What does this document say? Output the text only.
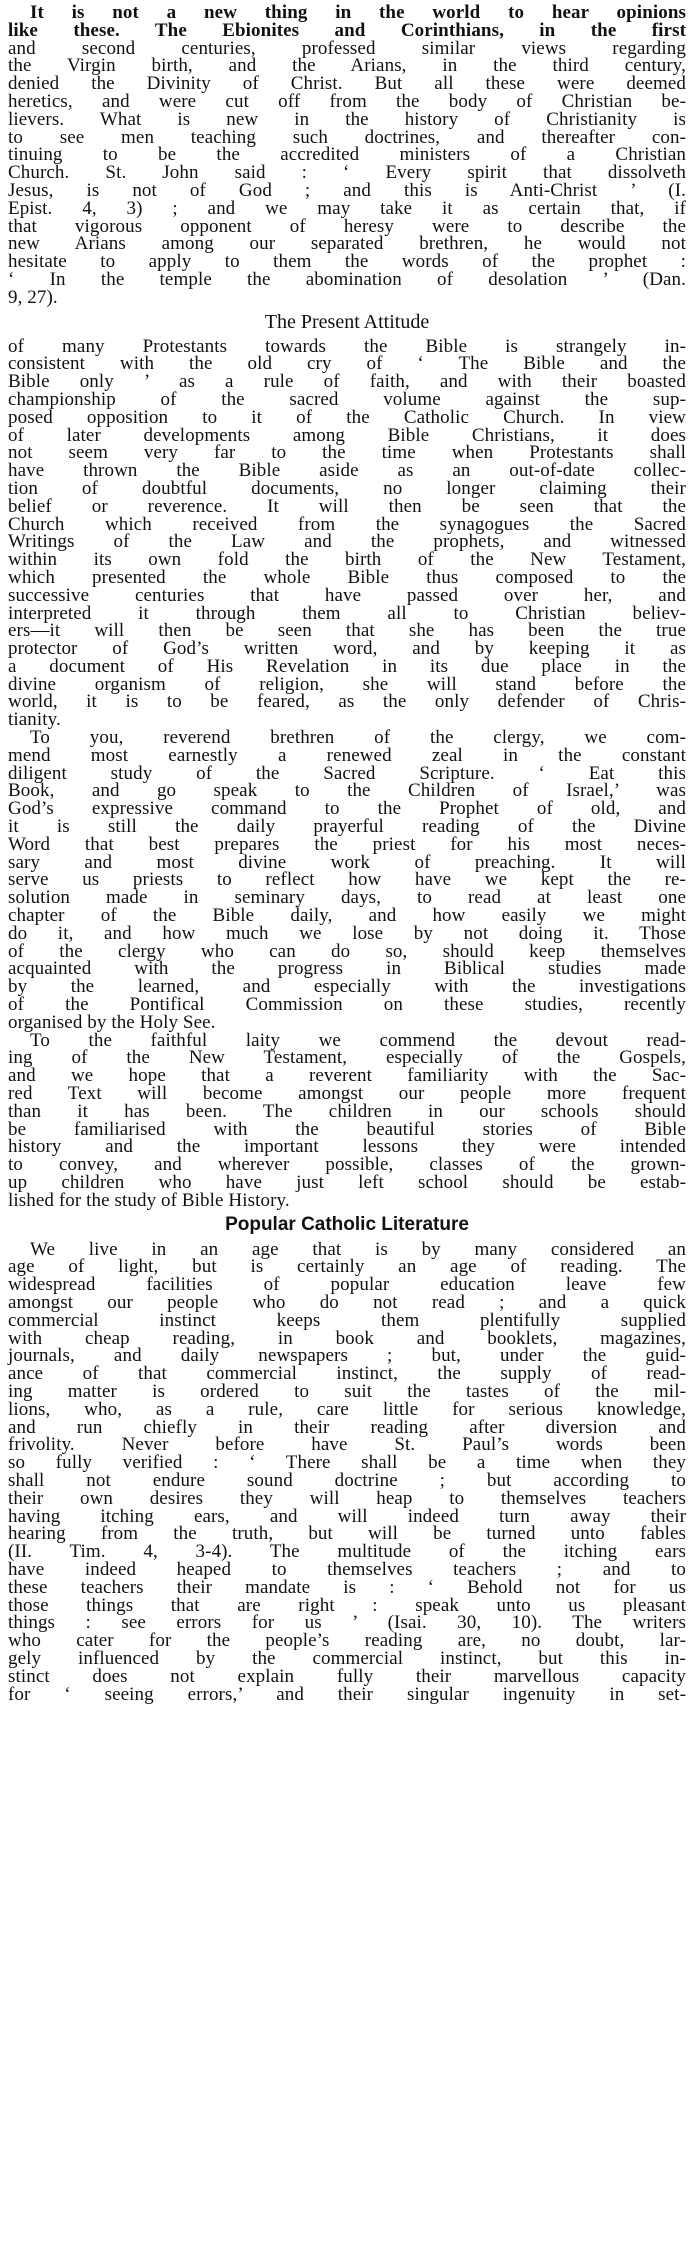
It is not a new thing in the world to hear opinions
like these. The Ebionites and Corinthians, in the first
and second centuries, professed similar views regarding
the Virgin birth, and the Arians, in the third century,
denied the Divinity of Christ. But all these were deemed
heretics, and were cut off from the body of Christian be-
lievers. What is new in the history of Christianity is
to see men teaching such doctrines, and thereafter con-
tinuing to be the accredited ministers of a Christian
Church. St. John said : ‘ Every spirit that dissolveth
Jesus, is not of God ; and this is Anti-Christ ’ (I.
Epist. 4, 3) ; and we may take it as certain that, if
that vigorous opponent of heresy were to describe the
new Arians among our separated brethren, he would not
hesitate to apply to them the words of the prophet :
‘ In the temple the abomination of desolation ’ (Dan.
9, 27).
The Present Attitude
of many Protestants towards the Bible is strangely in-
consistent with the old cry of ‘ The Bible and the
Bible only ’ as a rule of faith, and with their boasted
championship of the sacred volume against the sup-
posed opposition to it of the Catholic Church. In view
of later developments among Bible Christians, it does
not seem very far to the time when Protestants shall
have thrown the Bible aside as an out-of-date collec-
tion of doubtful documents, no longer claiming their
belief or reverence. It will then be seen that the
Church which received from the synagogues the Sacred
Writings of the Law and the prophets, and witnessed
within its own fold the birth of the New Testament,
which presented the whole Bible thus composed to the
successive centuries that have passed over her, and
interpreted it through them all to Christian believ-
ers—it will then be seen that she has been the true
protector of God’s written word, and by keeping it as
a document of His Revelation in its due place in the
divine organism of religion, she will stand before the
world, it is to be feared, as the only defender of Chris-
tianity.
To you, reverend brethren of the clergy, we com-
mend most earnestly a renewed zeal in the constant
diligent study of the Sacred Scripture. ‘ Eat this
Book, and go speak to the Children of Israel,’ was
God’s expressive command to the Prophet of old, and
it is still the daily prayerful reading of the Divine
Word that best prepares the priest for his most neces-
sary and most divine work of preaching. It will
serve us priests to reflect how have we kept the re-
solution made in seminary days, to read at least one
chapter of the Bible daily, and how easily we might
do it, and how much we lose by not doing it. Those
of the clergy who can do so, should keep themselves
acquainted with the progress in Biblical studies made
by the learned, and especially with the investigations
of the Pontifical Commission on these studies, recently
organised by the Holy See.
To the faithful laity we commend the devout read-
ing of the New Testament, especially of the Gospels,
and we hope that a reverent familiarity with the Sac-
red Text will become amongst our people more frequent
than it has been. The children in our schools should
be familiarised with the beautiful stories of Bible
history and the important lessons they were intended
to convey, and wherever possible, classes of the grown-
up children who have just left school should be estab-
lished for the study of Bible History.
Popular Catholic Literature
We live in an age that is by many considered an
age of light, but is certainly an age of reading. The
widespread facilities of popular education leave few
amongst our people who do not read ; and a quick
commercial instinct keeps them plentifully supplied
with cheap reading, in book and booklets, magazines,
journals, and daily newspapers ; but, under the guid-
ance of that commercial instinct, the supply of read-
ing matter is ordered to suit the tastes of the mil-
lions, who, as a rule, care little for serious knowledge,
and run chiefly in their reading after diversion and
frivolity. Never before have St. Paul’s words been
so fully verified : ‘ There shall be a time when they
shall not endure sound doctrine ; but according to
their own desires they will heap to themselves teachers
having itching ears, and will indeed turn away their
hearing from the truth, but will be turned unto fables
(II. Tim. 4, 3-4). The multitude of the itching ears
have indeed heaped to themselves teachers ; and to
these teachers their mandate is : ‘ Behold not for us
those things that are right : speak unto us pleasant
things : see errors for us ’ (Isai. 30, 10). The writers
who cater for the people’s reading are, no doubt, lar-
gely influenced by the commercial instinct, but this in-
stinct does not explain fully their marvellous capacity
for ‘ seeing errors,’ and their singular ingenuity in set-
